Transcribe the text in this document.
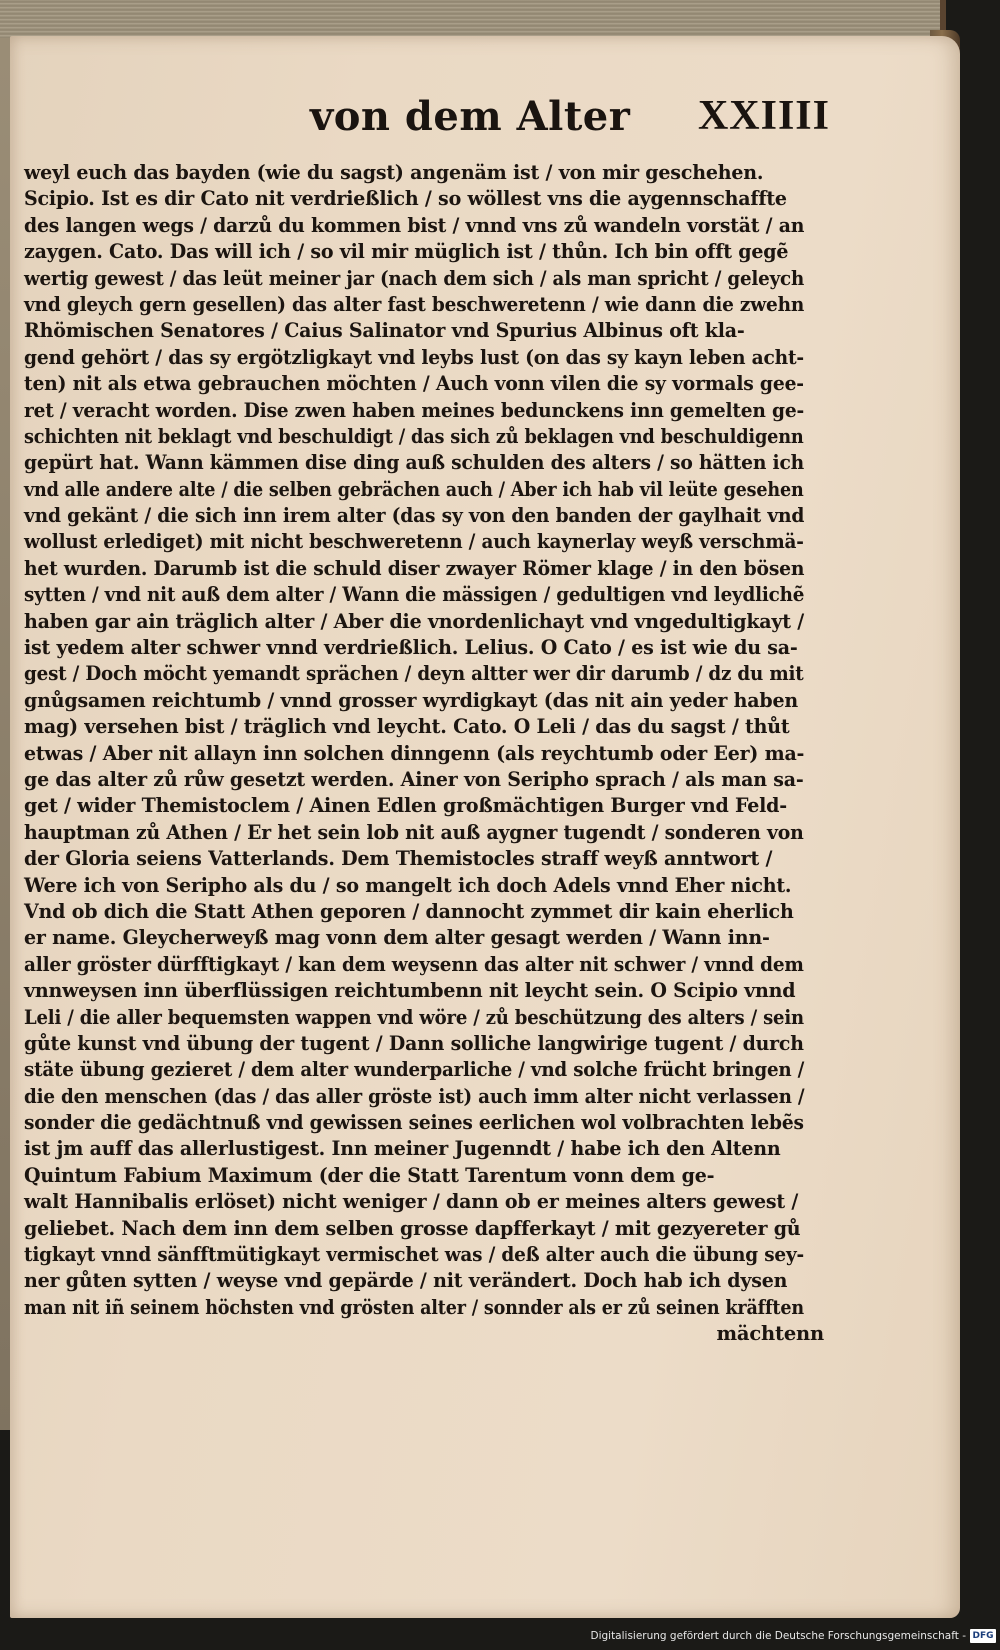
von dem Alter XXIIII
weyl euch das bayden (wie du sagst) angenäm ist / von mir geschehen.
Scipio. Ist es dir Cato nit verdrießlich / so wöllest vns die aygennschaffte
des langen wegs / darzů du kommen bist / vnnd vns zů wandeln vorstät / an
zaygen. Cato. Das will ich / so vil mir müglich ist / thůn. Ich bin offt gegẽ
wertig gewest / das leüt meiner jar (nach dem sich / als man spricht / geleych
vnd gleych gern gesellen) das alter fast beschweretenn / wie dann die zwehn
Rhömischen Senatores / Caius Salinator vnd Spurius Albinus oft kla-
gend gehört / das sy ergötzligkayt vnd leybs lust (on das sy kayn leben acht-
ten) nit als etwa gebrauchen möchten / Auch vonn vilen die sy vormals gee-
ret / veracht worden. Dise zwen haben meines bedunckens inn gemelten ge-
schichten nit beklagt vnd beschuldigt / das sich zů beklagen vnd beschuldigenn
gepürt hat. Wann kämmen dise ding auß schulden des alters / so hätten ich
vnd alle andere alte / die selben gebrächen auch / Aber ich hab vil leüte gesehen
vnd gekänt / die sich inn irem alter (das sy von den banden der gaylhait vnd
wollust erlediget) mit nicht beschweretenn / auch kaynerlay weyß verschmä-
het wurden. Darumb ist die schuld diser zwayer Römer klage / in den bösen
sytten / vnd nit auß dem alter / Wann die mässigen / gedultigen vnd leydlichẽ
haben gar ain träglich alter / Aber die vnordenlichayt vnd vngedultigkayt /
ist yedem alter schwer vnnd verdrießlich. Lelius. O Cato / es ist wie du sa-
gest / Doch möcht yemandt sprächen / deyn altter wer dir darumb / dz du mit
gnůgsamen reichtumb / vnnd grosser wyrdigkayt (das nit ain yeder haben
mag) versehen bist / träglich vnd leycht. Cato. O Leli / das du sagst / thůt
etwas / Aber nit allayn inn solchen dinngenn (als reychtumb oder Eer) ma-
ge das alter zů růw gesetzt werden. Ainer von Seripho sprach / als man sa-
get / wider Themistoclem / Ainen Edlen großmächtigen Burger vnd Feld-
hauptman zů Athen / Er het sein lob nit auß aygner tugendt / sonderen von
der Gloria seiens Vatterlands. Dem Themistocles straff weyß anntwort /
Were ich von Seripho als du / so mangelt ich doch Adels vnnd Eher nicht.
Vnd ob dich die Statt Athen geporen / dannocht zymmet dir kain eherlich
er name. Gleycherweyß mag vonn dem alter gesagt werden / Wann inn-
aller gröster dürfftigkayt / kan dem weysenn das alter nit schwer / vnnd dem
vnnweysen inn überflüssigen reichtumbenn nit leycht sein. O Scipio vnnd
Leli / die aller bequemsten wappen vnd wöre / zů beschützung des alters / sein
gůte kunst vnd übung der tugent / Dann solliche langwirige tugent / durch
stäte übung gezieret / dem alter wunderparliche / vnd solche frücht bringen /
die den menschen (das / das aller gröste ist) auch imm alter nicht verlassen /
sonder die gedächtnuß vnd gewissen seines eerlichen wol volbrachten lebẽs
ist jm auff das allerlustigest. Inn meiner Jugenndt / habe ich den Altenn
Quintum Fabium Maximum (der die Statt Tarentum vonn dem ge-
walt Hannibalis erlöset) nicht weniger / dann ob er meines alters gewest /
geliebet. Nach dem inn dem selben grosse dapfferkayt / mit gezyereter gů
tigkayt vnnd sänfftmütigkayt vermischet was / deß alter auch die übung sey-
ner gůten sytten / weyse vnd gepärde / nit verändert. Doch hab ich dysen
man nit iñ seinem höchsten vnd grösten alter / sonnder als er zů seinen kräfften
mächtenn
Digitalisierung gefördert durch die Deutsche Forschungsgemeinschaft - DFG
